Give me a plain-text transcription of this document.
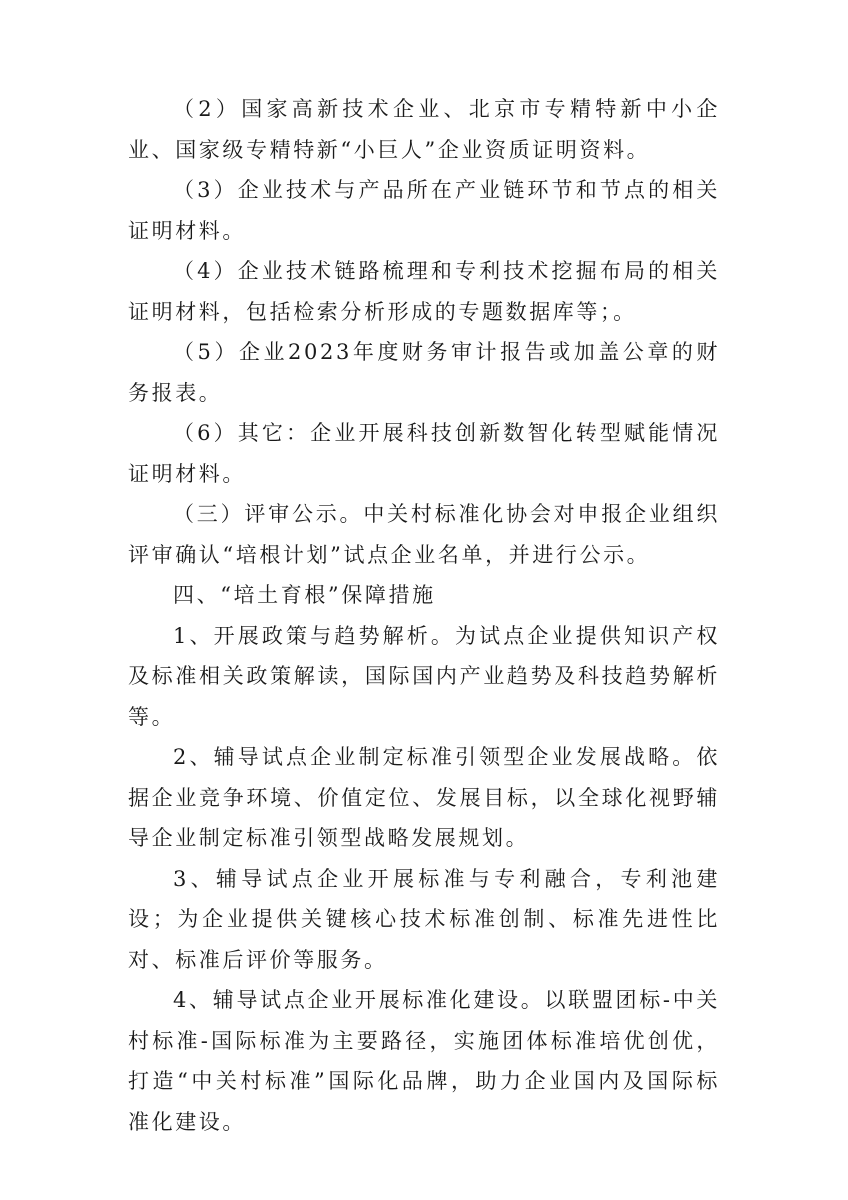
（2）国家高新技术企业、北京市专精特新中小企业、国家级专精特新“小巨人”企业资质证明资料。

（3）企业技术与产品所在产业链环节和节点的相关证明材料。

（4）企业技术链路梳理和专利技术挖掘布局的相关证明材料，包括检索分析形成的专题数据库等；。

（5）企业2023年度财务审计报告或加盖公章的财务报表。

（6）其它：企业开展科技创新数智化转型赋能情况证明材料。

（三）评审公示。中关村标准化协会对申报企业组织评审确认“培根计划”试点企业名单，并进行公示。

四、“培土育根”保障措施

1、开展政策与趋势解析。为试点企业提供知识产权及标准相关政策解读，国际国内产业趋势及科技趋势解析等。

2、辅导试点企业制定标准引领型企业发展战略。依据企业竞争环境、价值定位、发展目标，以全球化视野辅导企业制定标准引领型战略发展规划。

3、辅导试点企业开展标准与专利融合，专利池建设；为企业提供关键核心技术标准创制、标准先进性比对、标准后评价等服务。

4、辅导试点企业开展标准化建设。以联盟团标-中关村标准-国际标准为主要路径，实施团体标准培优创优，打造“中关村标准”国际化品牌，助力企业国内及国际标准化建设。
